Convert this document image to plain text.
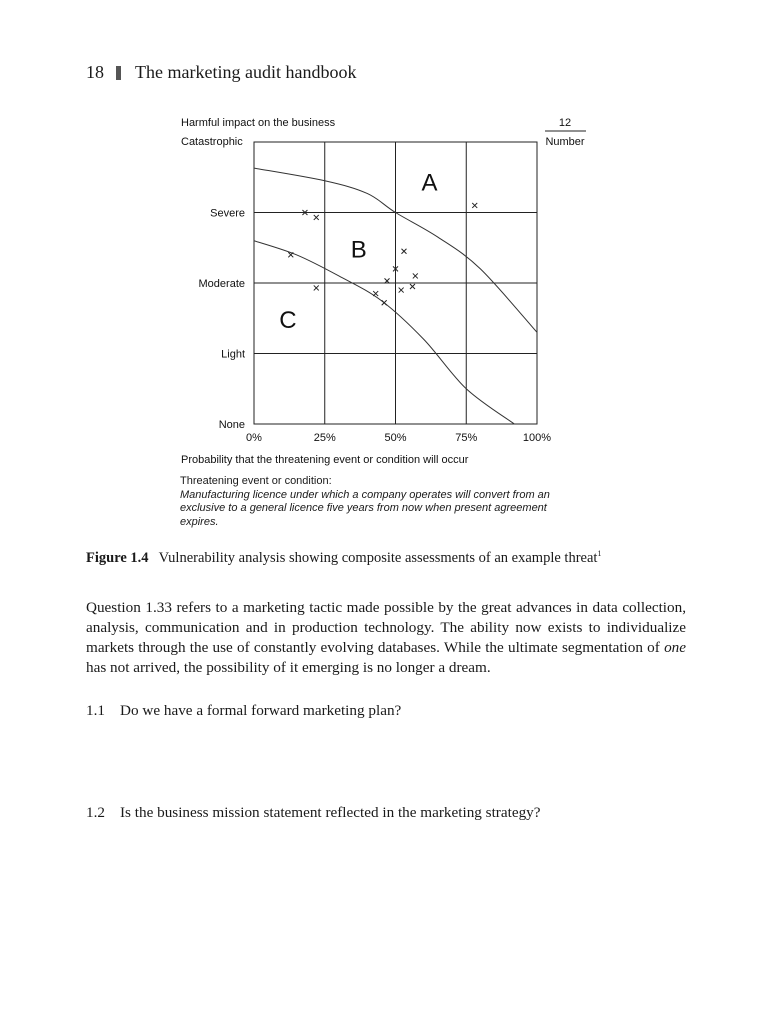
18 The marketing audit handbook
A
B
C
Catastrophic
Severe
Moderate
Light
None
0%	25%	50%	75%	100%
Harmful impact on the business	12
Number
Probability that the threatening event or condition will occur
Threatening event or condition:
Manufacturing licence under which a company operates will convert from an exclusive to a general licence five years from now when present agreement expires.
Figure 1.4 Vulnerability analysis showing composite assessments of an example threat$^1$
Question 1.33 refers to a marketing tactic made possible by the great advances in data collection, analysis, communication and in production technology. The ability now exists to individualize markets through the use of constantly evolving databases. While the ultimate segmentation of one has not arrived, the possibility of it emerging is no longer a dream.
1.1 Do we have a formal forward marketing plan?
1.2 Is the business mission statement reflected in the marketing strategy?
